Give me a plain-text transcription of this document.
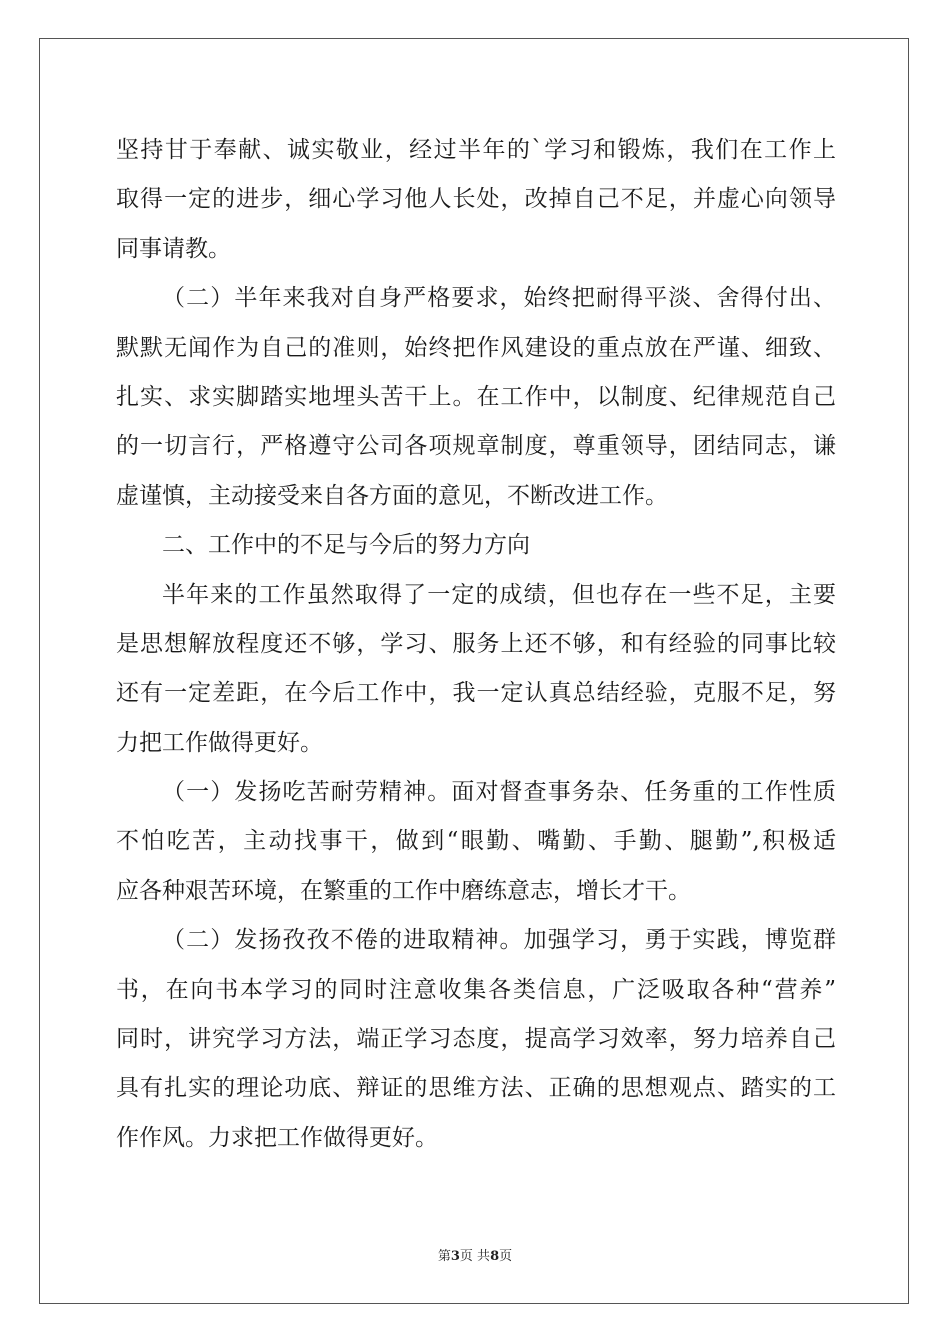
坚持甘于奉献、诚实敬业，经过半年的`学习和锻炼，我们在工作上
取得一定的进步，细心学习他人长处，改掉自己不足，并虚心向领导
同事请教。
（二）半年来我对自身严格要求，始终把耐得平淡、舍得付出、
默默无闻作为自己的准则，始终把作风建设的重点放在严谨、细致、
扎实、求实脚踏实地埋头苦干上。在工作中，以制度、纪律规范自己
的一切言行，严格遵守公司各项规章制度，尊重领导，团结同志，谦
虚谨慎，主动接受来自各方面的意见，不断改进工作。
二、工作中的不足与今后的努力方向
半年来的工作虽然取得了一定的成绩，但也存在一些不足，主要
是思想解放程度还不够，学习、服务上还不够，和有经验的同事比较
还有一定差距，在今后工作中，我一定认真总结经验，克服不足，努
力把工作做得更好。
（一）发扬吃苦耐劳精神。面对督查事务杂、任务重的工作性质
不怕吃苦，主动找事干，做到“眼勤、嘴勤、手勤、腿勤”,积极适
应各种艰苦环境，在繁重的工作中磨练意志，增长才干。
（二）发扬孜孜不倦的进取精神。加强学习，勇于实践，博览群
书，在向书本学习的同时注意收集各类信息，广泛吸取各种“营养”
同时，讲究学习方法，端正学习态度，提高学习效率，努力培养自己
具有扎实的理论功底、辩证的思维方法、正确的思想观点、踏实的工
作作风。力求把工作做得更好。
第3页 共8页
